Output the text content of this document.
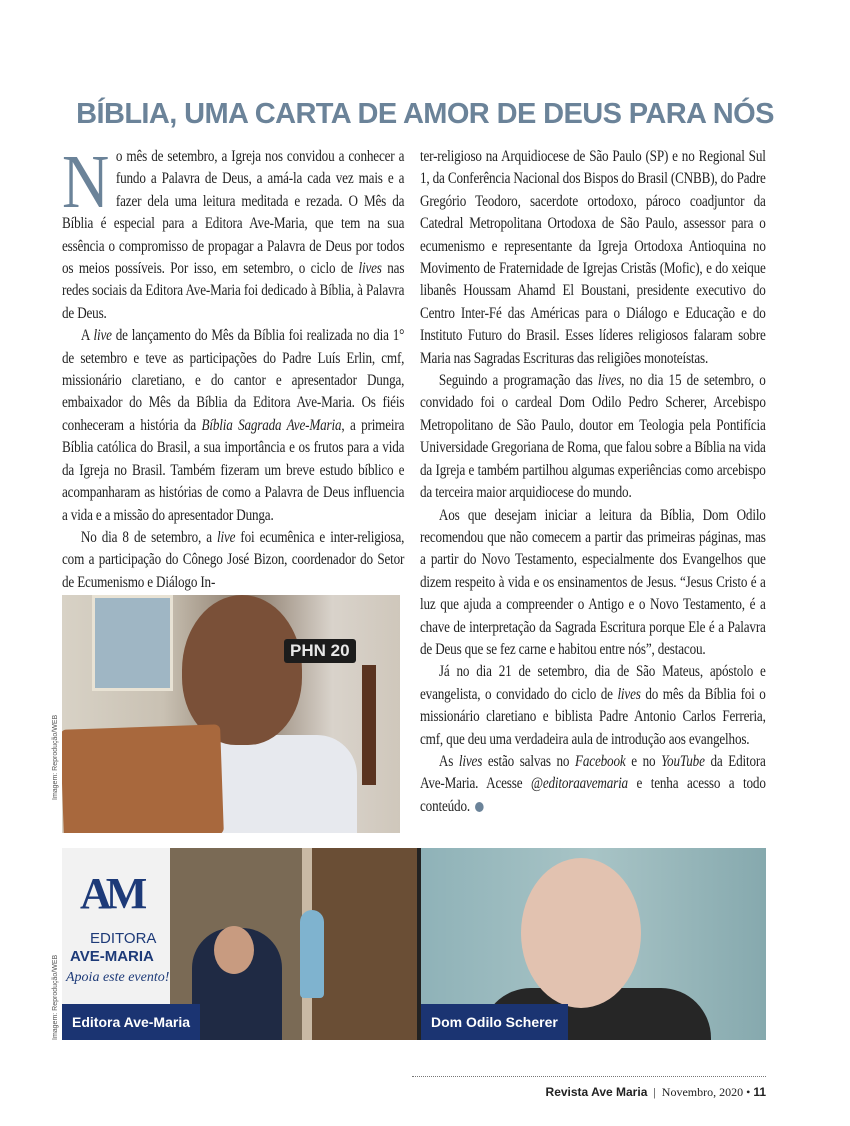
BÍBLIA, UMA CARTA DE AMOR DE DEUS PARA NÓS
N o mês de setembro, a Igreja nos convidou a conhecer a fundo a Palavra de Deus, a amá-la cada vez mais e a fazer dela uma leitura meditada e rezada. O Mês da Bíblia é especial para a Editora Ave-Maria, que tem na sua essência o compromisso de propagar a Palavra de Deus por todos os meios possíveis. Por isso, em setembro, o ciclo de lives nas redes sociais da Editora Ave-Maria foi dedicado à Bíblia, à Palavra de Deus.

A live de lançamento do Mês da Bíblia foi realizada no dia 1° de setembro e teve as participações do Padre Luís Erlin, cmf, missionário claretiano, e do cantor e apresentador Dunga, embaixador do Mês da Bíblia da Editora Ave-Maria. Os fiéis conheceram a história da Bíblia Sagrada Ave-Maria, a primeira Bíblia católica do Brasil, a sua importância e os frutos para a vida da Igreja no Brasil. Também fizeram um breve estudo bíblico e acompanharam as histórias de como a Palavra de Deus influencia a vida e a missão do apresentador Dunga.

No dia 8 de setembro, a live foi ecumênica e inter-religiosa, com a participação do Cônego José Bizon, coordenador do Setor de Ecumenismo e Diálogo In-

ter-religioso na Arquidiocese de São Paulo (SP) e no Regional Sul 1, da Conferência Nacional dos Bispos do Brasil (CNBB), do Padre Gregório Teodoro, sacerdote ortodoxo, pároco coadjuntor da Catedral Metropolitana Ortodoxa de São Paulo, assessor para o ecumenismo e representante da Igreja Ortodoxa Antioquina no Movimento de Fraternidade de Igrejas Cristãs (Mofic), e do xeique libanês Houssam Ahamd El Boustani, presidente executivo do Centro Inter-Fé das Américas para o Diálogo e Educação e do Instituto Futuro do Brasil. Esses líderes religiosos falaram sobre Maria nas Sagradas Escrituras das religiões monoteístas.

Seguindo a programação das lives, no dia 15 de setembro, o convidado foi o cardeal Dom Odilo Pedro Scherer, Arcebispo Metropolitano de São Paulo, doutor em Teologia pela Pontifícia Universidade Gregoriana de Roma, que falou sobre a Bíblia na vida da Igreja e também partilhou algumas experiências como arcebispo da terceira maior arquidiocese do mundo.

Aos que desejam iniciar a leitura da Bíblia, Dom Odilo recomendou que não comecem a partir das primeiras páginas, mas a partir do Novo Testamento, especialmente dos Evangelhos que dizem respeito à vida e os ensinamentos de Jesus. “Jesus Cristo é a luz que ajuda a compreender o Antigo e o Novo Testamento, é a chave de interpretação da Sagrada Escritura porque Ele é a Palavra de Deus que se fez carne e habitou entre nós”, destacou.

Já no dia 21 de setembro, dia de São Mateus, apóstolo e evangelista, o convidado do ciclo de lives do mês da Bíblia foi o missionário claretiano e biblista Padre Antonio Carlos Ferreria, cmf, que deu uma verdadeira aula de introdução aos evangelhos.

As lives estão salvas no Facebook e no YouTube da Editora Ave-Maria. Acesse @editoraavemaria e tenha acesso a todo conteúdo.

PHN 20
Imagem: Reprodução/WEB
AM
EDITORA
AVE-MARIA
Apoia este evento!
Editora Ave-Maria	Dom Odilo Scherer
Imagem: Reprodução/WEB
Revista Ave Maria | Novembro, 2020 • 11
